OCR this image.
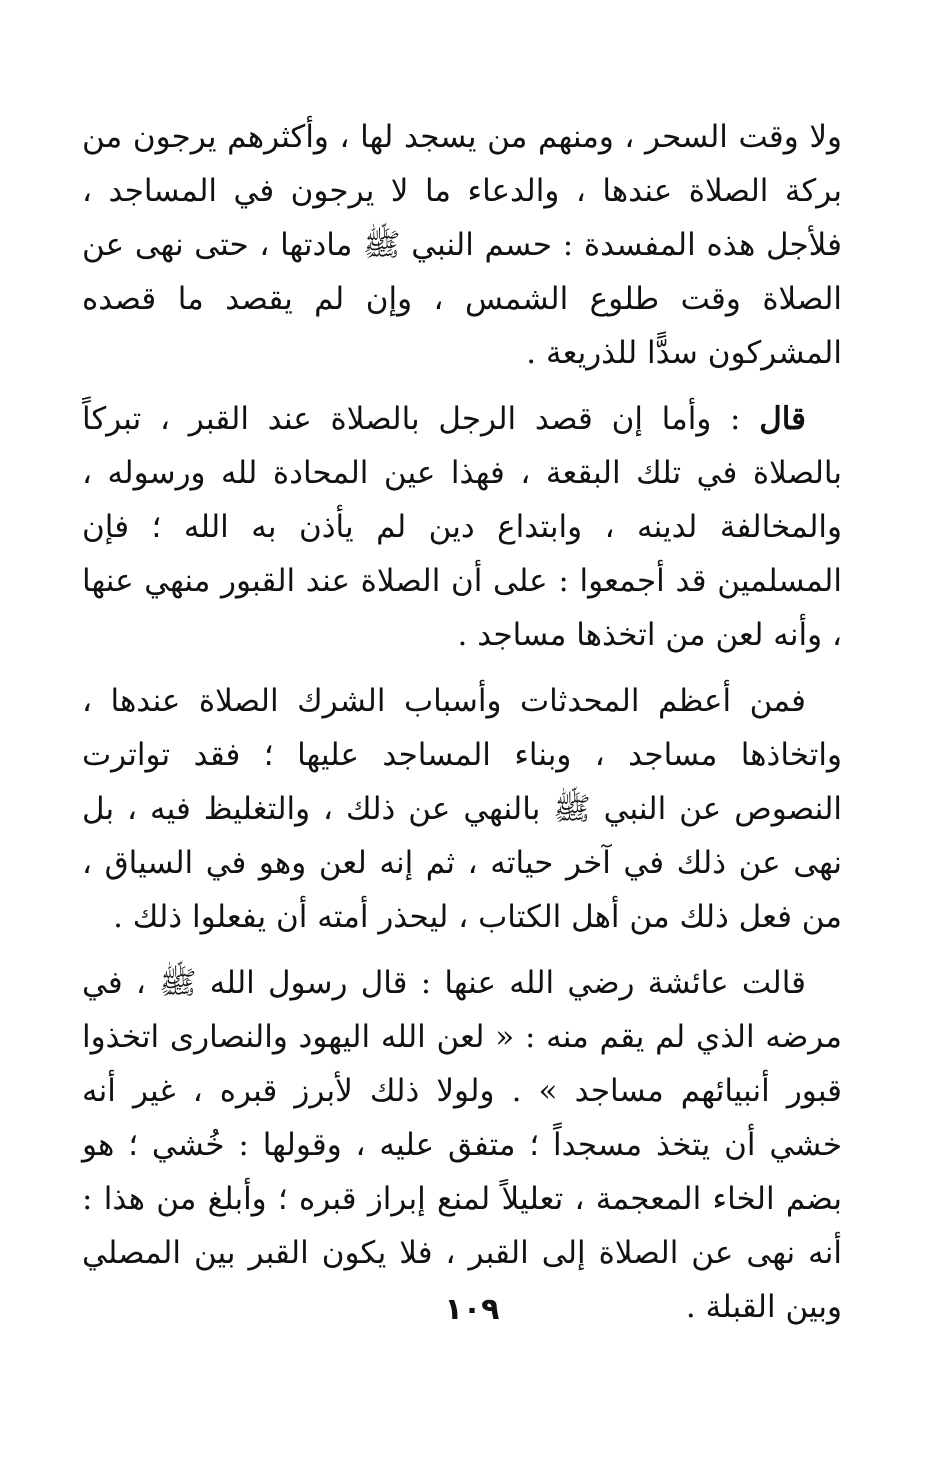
ولا وقت السحر ، ومنهم من يسجد لها ، وأكثرهم يرجون من بركة الصلاة عندها ، والدعاء ما لا يرجون في المساجد ، فلأجل هذه المفسدة : حسم النبي ﷺ مادتها ، حتى نهى عن الصلاة وقت طلوع الشمس ، وإن لم يقصد ما قصده المشركون سدًّا للذريعة .

قال : وأما إن قصد الرجل بالصلاة عند القبر ، تبركاً بالصلاة في تلك البقعة ، فهذا عين المحادة لله ورسوله ، والمخالفة لدينه ، وابتداع دين لم يأذن به الله ؛ فإن المسلمين قد أجمعوا : على أن الصلاة عند القبور منهي عنها ، وأنه لعن من اتخذها مساجد .

فمن أعظم المحدثات وأسباب الشرك الصلاة عندها ، واتخاذها مساجد ، وبناء المساجد عليها ؛ فقد تواترت النصوص عن النبي ﷺ بالنهي عن ذلك ، والتغليظ فيه ، بل نهى عن ذلك في آخر حياته ، ثم إنه لعن وهو في السياق ، من فعل ذلك من أهل الكتاب ، ليحذر أمته أن يفعلوا ذلك .

قالت عائشة رضي الله عنها : قال رسول الله ﷺ ، في مرضه الذي لم يقم منه : « لعن الله اليهود والنصارى اتخذوا قبور أنبيائهم مساجد » . ولولا ذلك لأبرز قبره ، غير أنه خشي أن يتخذ مسجداً ؛ متفق عليه ، وقولها : خُشي ؛ هو بضم الخاء المعجمة ، تعليلاً لمنع إبراز قبره ؛ وأبلغ من هذا : أنه نهى عن الصلاة إلى القبر ، فلا يكون القبر بين المصلي وبين القبلة .

١٠٩
